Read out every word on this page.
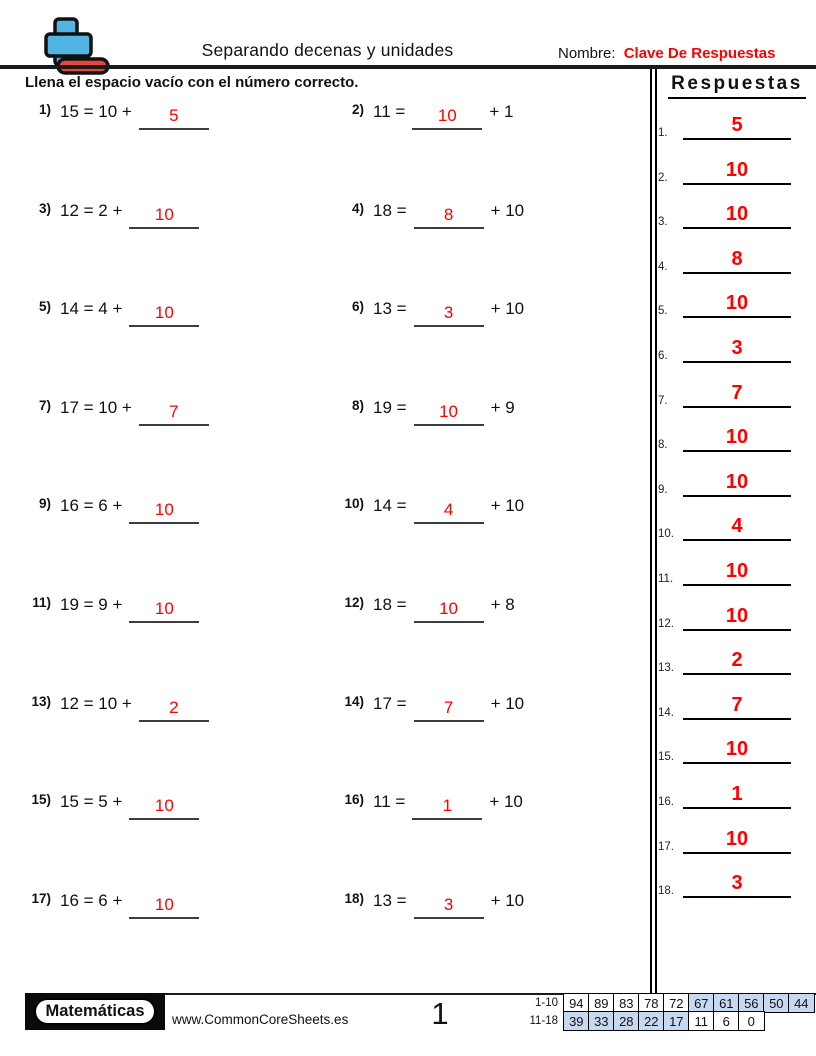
Separando decenas y unidades	Nombre: Clave De Respuestas
Llena el espacio vacío con el número correcto.	Respuestas
1.	5
2.	10
3.	10
4.	8
5.	10
6.	3
7.	7
8.	10
9.	10
10.	4
11.	10
12.	10
13.	2
14.	7
15.	10
16.	1
17.	10
18.	3
1) 15 = 10 + 5	2) 11 = 10 + 1
3) 12 = 2 + 10	4) 18 = 8 + 10
5) 14 = 4 + 10	6) 13 = 3 + 10
7) 17 = 10 + 7	8) 19 = 10 + 9
9) 16 = 6 + 10	10) 14 = 4 + 10
11) 19 = 9 + 10	12) 18 = 10 + 8
13) 12 = 10 + 2	14) 17 = 7 + 10
15) 15 = 5 + 10	16) 11 = 1 + 10
17) 16 = 6 + 10	18) 13 = 3 + 10
Matemáticas	www.CommonCoreSheets.es	1	1-10 94 89 83 78 72 67 61 56 50 44
11-18 39 33 28 22 17 11	6	0
